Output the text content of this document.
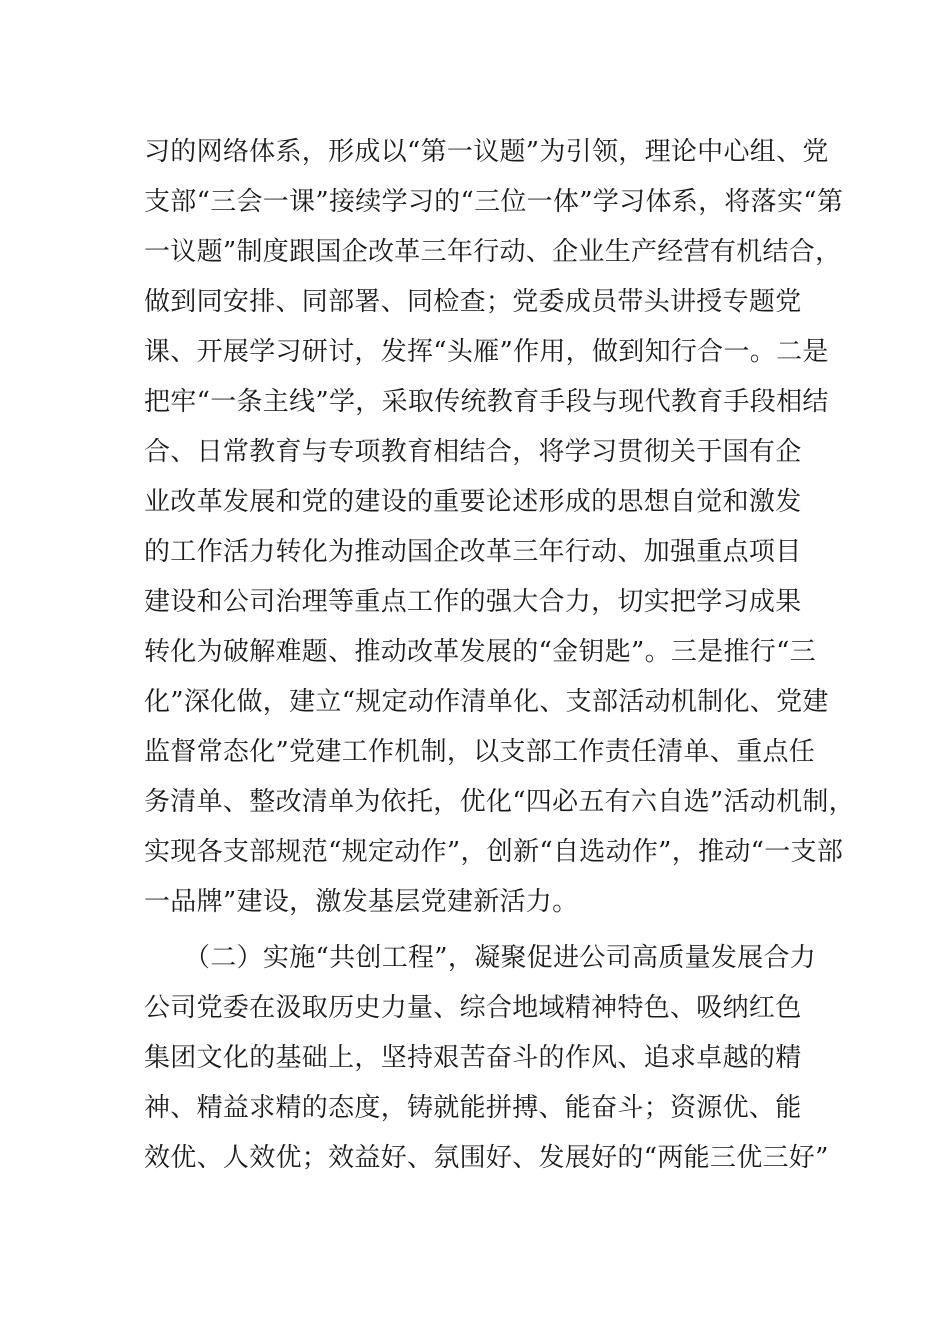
习的网络体系，形成以“第一议题”为引领，理论中心组、党
支部“三会一课”接续学习的“三位一体”学习体系，将落实“第
一议题”制度跟国企改革三年行动、企业生产经营有机结合，
做到同安排、同部署、同检查；党委成员带头讲授专题党
课、开展学习研讨，发挥“头雁”作用，做到知行合一。二是
把牢“一条主线”学，采取传统教育手段与现代教育手段相结
合、日常教育与专项教育相结合，将学习贯彻关于国有企
业改革发展和党的建设的重要论述形成的思想自觉和激发
的工作活力转化为推动国企改革三年行动、加强重点项目
建设和公司治理等重点工作的强大合力，切实把学习成果
转化为破解难题、推动改革发展的“金钥匙”。三是推行“三
化”深化做，建立“规定动作清单化、支部活动机制化、党建
监督常态化”党建工作机制，以支部工作责任清单、重点任
务清单、整改清单为依托，优化“四必五有六自选”活动机制，
实现各支部规范“规定动作”，创新“自选动作”，推动“一支部
一品牌”建设，激发基层党建新活力。
（二）实施“共创工程”，凝聚促进公司高质量发展合力
公司党委在汲取历史力量、综合地域精神特色、吸纳红色
集团文化的基础上，坚持艰苦奋斗的作风、追求卓越的精
神、精益求精的态度，铸就能拼搏、能奋斗；资源优、能
效优、人效优；效益好、氛围好、发展好的“两能三优三好”
